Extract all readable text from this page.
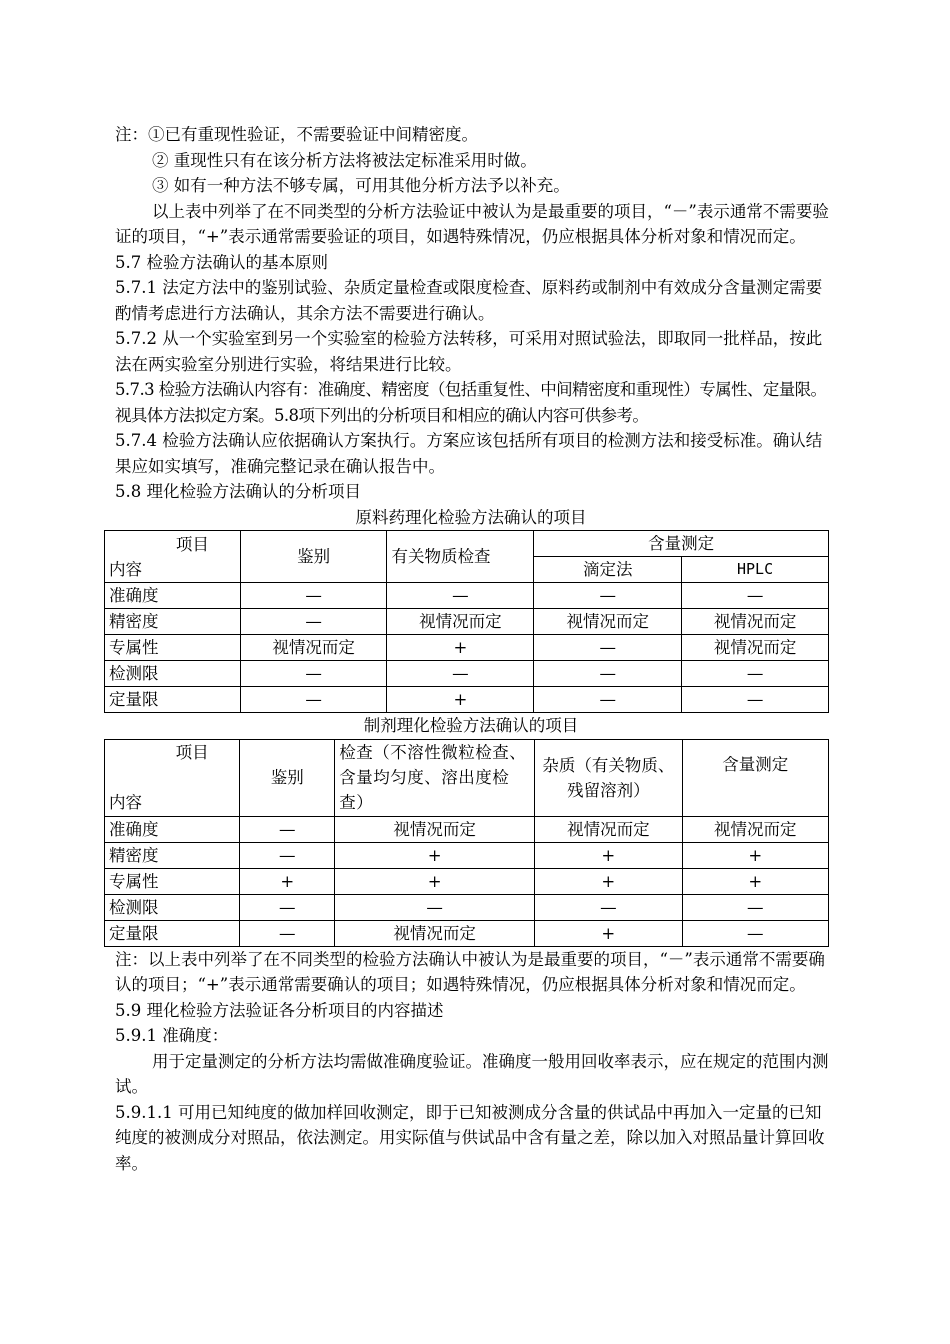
注：①已有重现性验证，不需要验证中间精密度。

② 重现性只有在该分析方法将被法定标准采用时做。

③ 如有一种方法不够专属，可用其他分析方法予以补充。

以上表中列举了在不同类型的分析方法验证中被认为是最重要的项目，“－”表示通常不需要验证的项目，“+”表示通常需要验证的项目，如遇特殊情况，仍应根据具体分析对象和情况而定。

5.7 检验方法确认的基本原则

5.7.1 法定方法中的鉴别试验、杂质定量检查或限度检查、原料药或制剂中有效成分含量测定需要酌情考虑进行方法确认，其余方法不需要进行确认。

5.7.2 从一个实验室到另一个实验室的检验方法转移，可采用对照试验法，即取同一批样品，按此法在两实验室分别进行实验，将结果进行比较。

5.7.3 检验方法确认内容有：准确度、精密度（包括重复性、中间精密度和重现性）专属性、定量限。视具体方法拟定方案。5.8项下列出的分析项目和相应的确认内容可供参考。

5.7.4 检验方法确认应依据确认方案执行。方案应该包括所有项目的检测方法和接受标准。确认结果应如实填写，准确完整记录在确认报告中。

5.8 理化检验方法确认的分析项目

原料药理化检验方法确认的项目

项目
内容	鉴别	有关物质检查	含量测定	
			滴定法	HPLC
准确度	—	—	—	—
精密度	—	视情况而定	视情况而定	视情况而定
专属性	视情况而定	+	—	视情况而定
检测限	—	—	—	—
定量限	—	+	—	—

制剂理化检验方法确认的项目

项目
内容	鉴别	检查（不溶性微粒检查、含量均匀度、溶出度检查）	杂质（有关物质、残留溶剂）	含量测定
准确度	—	视情况而定	视情况而定	视情况而定
精密度	—	+	+	+
专属性	+	+	+	+
检测限	—	—	—	—
定量限	—	视情况而定	+	—

注：以上表中列举了在不同类型的检验方法确认中被认为是最重要的项目，“－”表示通常不需要确认的项目；“+”表示通常需要确认的项目；如遇特殊情况，仍应根据具体分析对象和情况而定。

5.9 理化检验方法验证各分析项目的内容描述

5.9.1 准确度：

用于定量测定的分析方法均需做准确度验证。准确度一般用回收率表示，应在规定的范围内测试。

5.9.1.1 可用已知纯度的做加样回收测定，即于已知被测成分含量的供试品中再加入一定量的已知纯度的被测成分对照品，依法测定。用实际值与供试品中含有量之差，除以加入对照品量计算回收率。
